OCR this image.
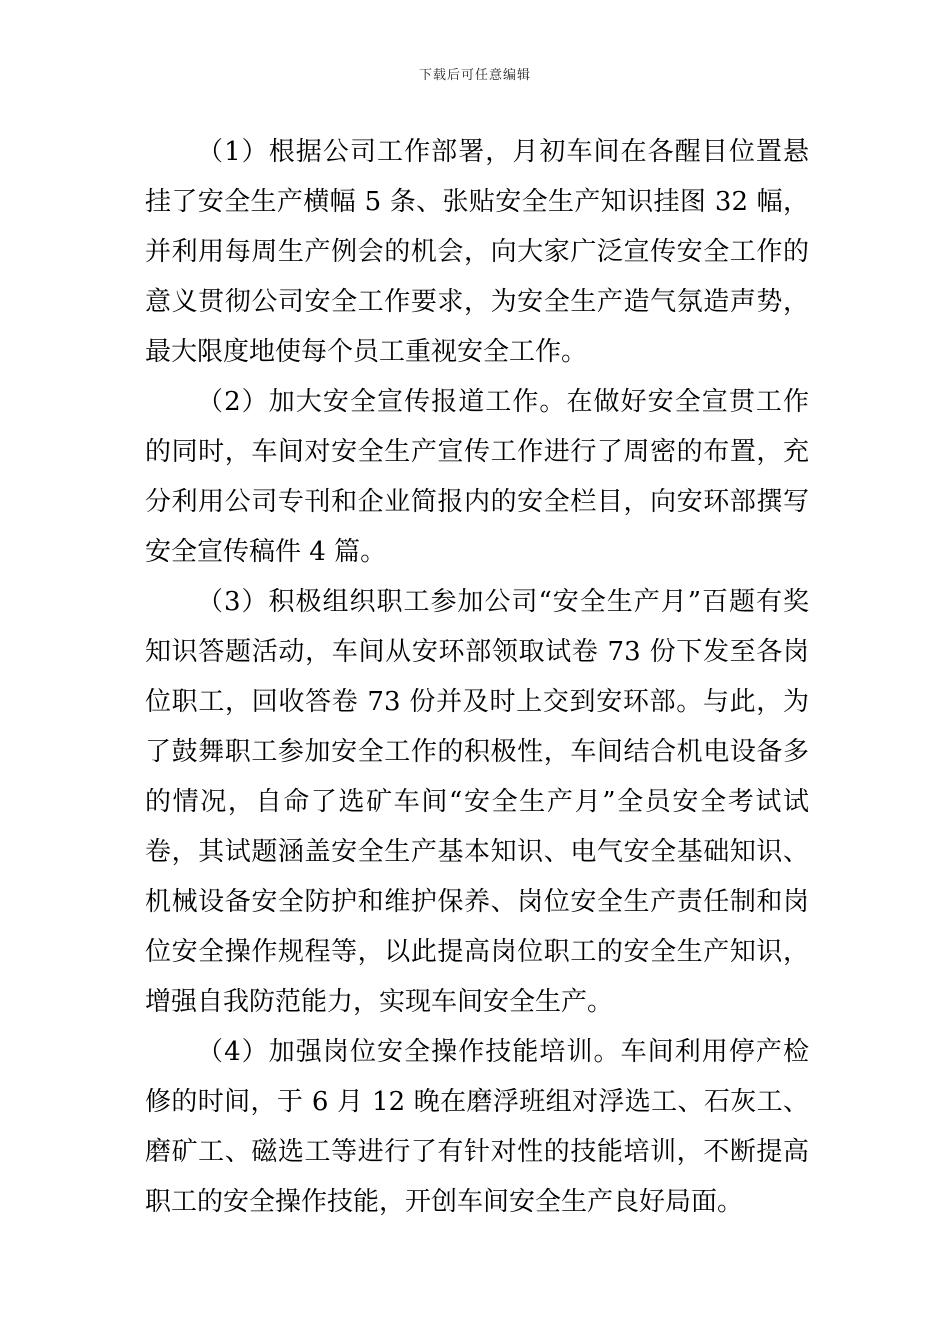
下载后可任意编辑

（1）根据公司工作部署，月初车间在各醒目位置悬挂了安全生产横幅 5 条、张贴安全生产知识挂图 32 幅，并利用每周生产例会的机会，向大家广泛宣传安全工作的意义贯彻公司安全工作要求，为安全生产造气氛造声势，最大限度地使每个员工重视安全工作。

（2）加大安全宣传报道工作。在做好安全宣贯工作的同时，车间对安全生产宣传工作进行了周密的布置，充分利用公司专刊和企业简报内的安全栏目，向安环部撰写安全宣传稿件 4 篇。

（3）积极组织职工参加公司“安全生产月”百题有奖知识答题活动，车间从安环部领取试卷 73 份下发至各岗位职工，回收答卷 73 份并及时上交到安环部。与此，为了鼓舞职工参加安全工作的积极性，车间结合机电设备多的情况，自命了选矿车间“安全生产月”全员安全考试试卷，其试题涵盖安全生产基本知识、电气安全基础知识、机械设备安全防护和维护保养、岗位安全生产责任制和岗位安全操作规程等，以此提高岗位职工的安全生产知识，增强自我防范能力，实现车间安全生产。

（4）加强岗位安全操作技能培训。车间利用停产检修的时间，于 6 月 12 晚在磨浮班组对浮选工、石灰工、磨矿工、磁选工等进行了有针对性的技能培训，不断提高职工的安全操作技能，开创车间安全生产良好局面。
